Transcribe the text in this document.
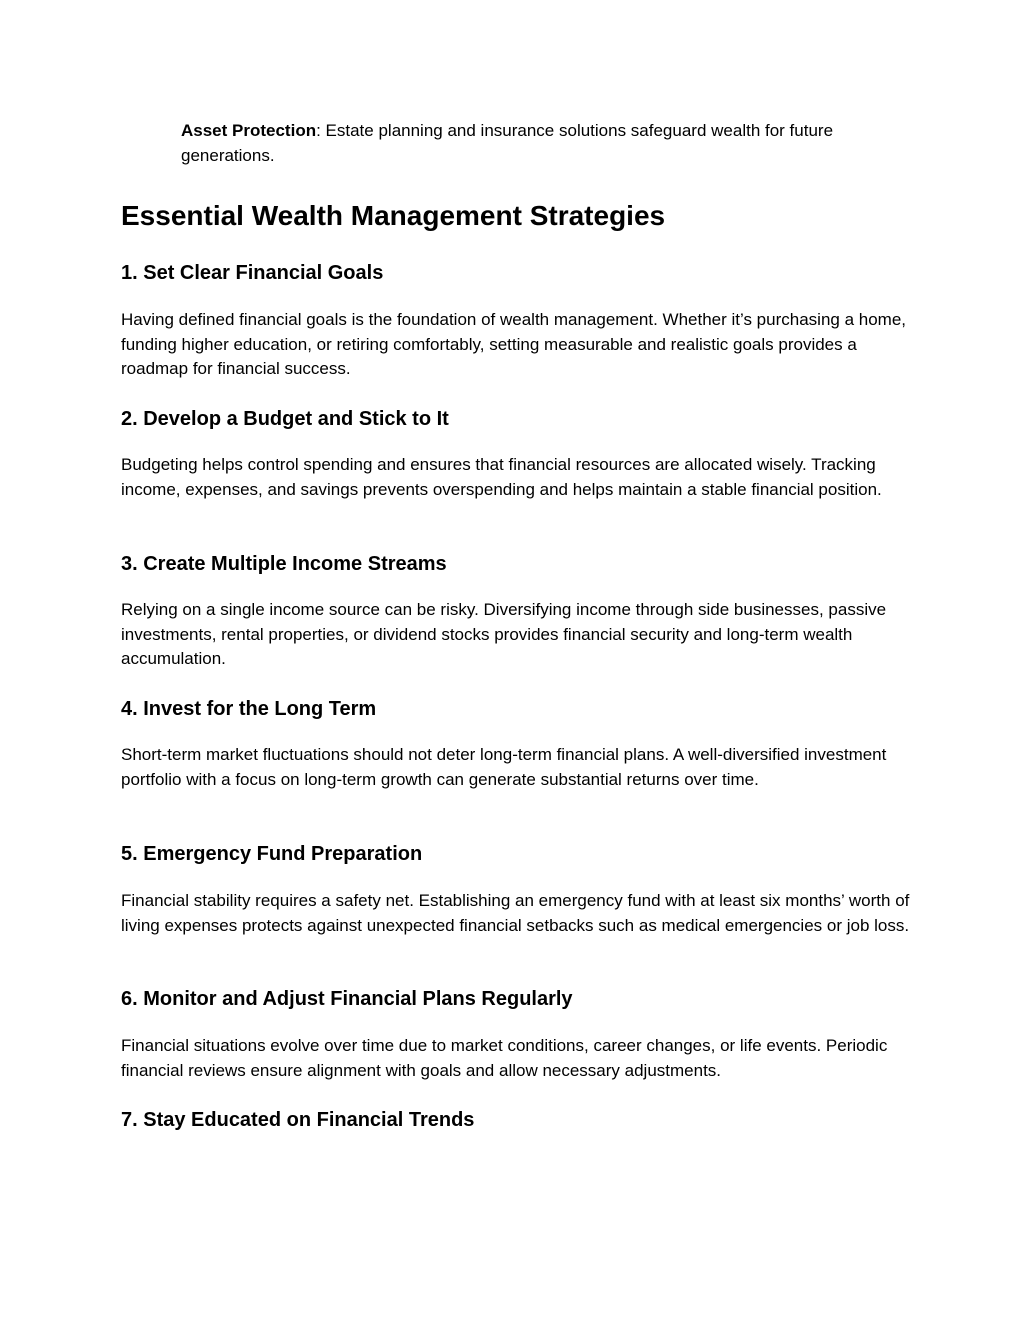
Asset Protection: Estate planning and insurance solutions safeguard wealth for future generations.

Essential Wealth Management Strategies
1. Set Clear Financial Goals

Having defined financial goals is the foundation of wealth management. Whether it’s purchasing a home, funding higher education, or retiring comfortably, setting measurable and realistic goals provides a roadmap for financial success.

2. Develop a Budget and Stick to It

Budgeting helps control spending and ensures that financial resources are allocated wisely. Tracking income, expenses, and savings prevents overspending and helps maintain a stable financial position.

3. Create Multiple Income Streams

Relying on a single income source can be risky. Diversifying income through side businesses, passive investments, rental properties, or dividend stocks provides financial security and long-term wealth accumulation.

4. Invest for the Long Term

Short-term market fluctuations should not deter long-term financial plans. A well-diversified investment portfolio with a focus on long-term growth can generate substantial returns over time.

5. Emergency Fund Preparation

Financial stability requires a safety net. Establishing an emergency fund with at least six months’ worth of living expenses protects against unexpected financial setbacks such as medical emergencies or job loss.

6. Monitor and Adjust Financial Plans Regularly

Financial situations evolve over time due to market conditions, career changes, or life events. Periodic financial reviews ensure alignment with goals and allow necessary adjustments.

7. Stay Educated on Financial Trends
